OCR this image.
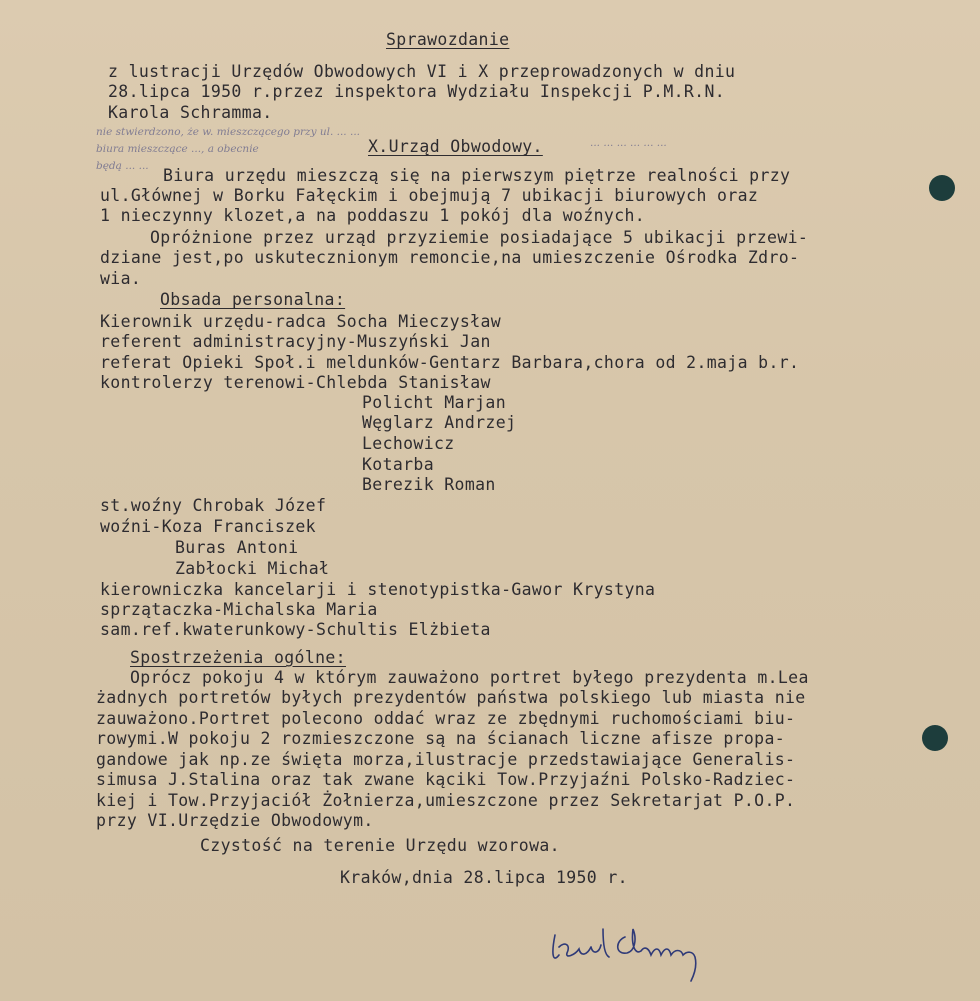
Sprawozdanie
z lustracji Urzędów Obwodowych VI i X przeprowadzonych w dniu
28.lipca 1950 r.przez inspektora Wydziału Inspekcji P.M.R.N.
Karola Schramma.
nie stwierdzono, że w. mieszczącego przy ul. ... ...
biura mieszczące ..., a obecnie	... ... ... ... ... ...
będą ... ...
X.Urząd Obwodowy.
Biura urzędu mieszczą się na pierwszym piętrze realności przy
ul.Głównej w Borku Fałęckim i obejmują 7 ubikacji biurowych oraz
1 nieczynny klozet,a na poddaszu 1 pokój dla woźnych.
Opróżnione przez urząd przyziemie posiadające 5 ubikacji przewi-
dziane jest,po uskutecznionym remoncie,na umieszczenie Ośrodka Zdro-
wia.
Obsada personalna:
Kierownik urzędu-radca Socha Mieczysław
referent administracyjny-Muszyński Jan
referat Opieki Społ.i meldunków-Gentarz Barbara,chora od 2.maja b.r.
kontrolerzy terenowi-Chlebda Stanisław
Policht Marjan
Węglarz Andrzej
Lechowicz
Kotarba
Berezik Roman
st.woźny Chrobak Józef
woźni-Koza Franciszek
Buras Antoni
Zabłocki Michał
kierowniczka kancelarji i stenotypistka-Gawor Krystyna
sprzątaczka-Michalska Maria
sam.ref.kwaterunkowy-Schultis Elżbieta
Spostrzeżenia ogólne:
Oprócz pokoju 4 w którym zauważono portret byłego prezydenta m.Lea
żadnych portretów byłych prezydentów państwa polskiego lub miasta nie
zauważono.Portret polecono oddać wraz ze zbędnymi ruchomościami biu-
rowymi.W pokoju 2 rozmieszczone są na ścianach liczne afisze propa-
gandowe jak np.ze święta morza,ilustracje przedstawiające Generalis-
simusa J.Stalina oraz tak zwane kąciki Tow.Przyjaźni Polsko-Radziec-
kiej i Tow.Przyjaciół Żołnierza,umieszczone przez Sekretarjat P.O.P.
przy VI.Urzędzie Obwodowym.
Czystość na terenie Urzędu wzorowa.
Kraków,dnia 28.lipca 1950 r.
